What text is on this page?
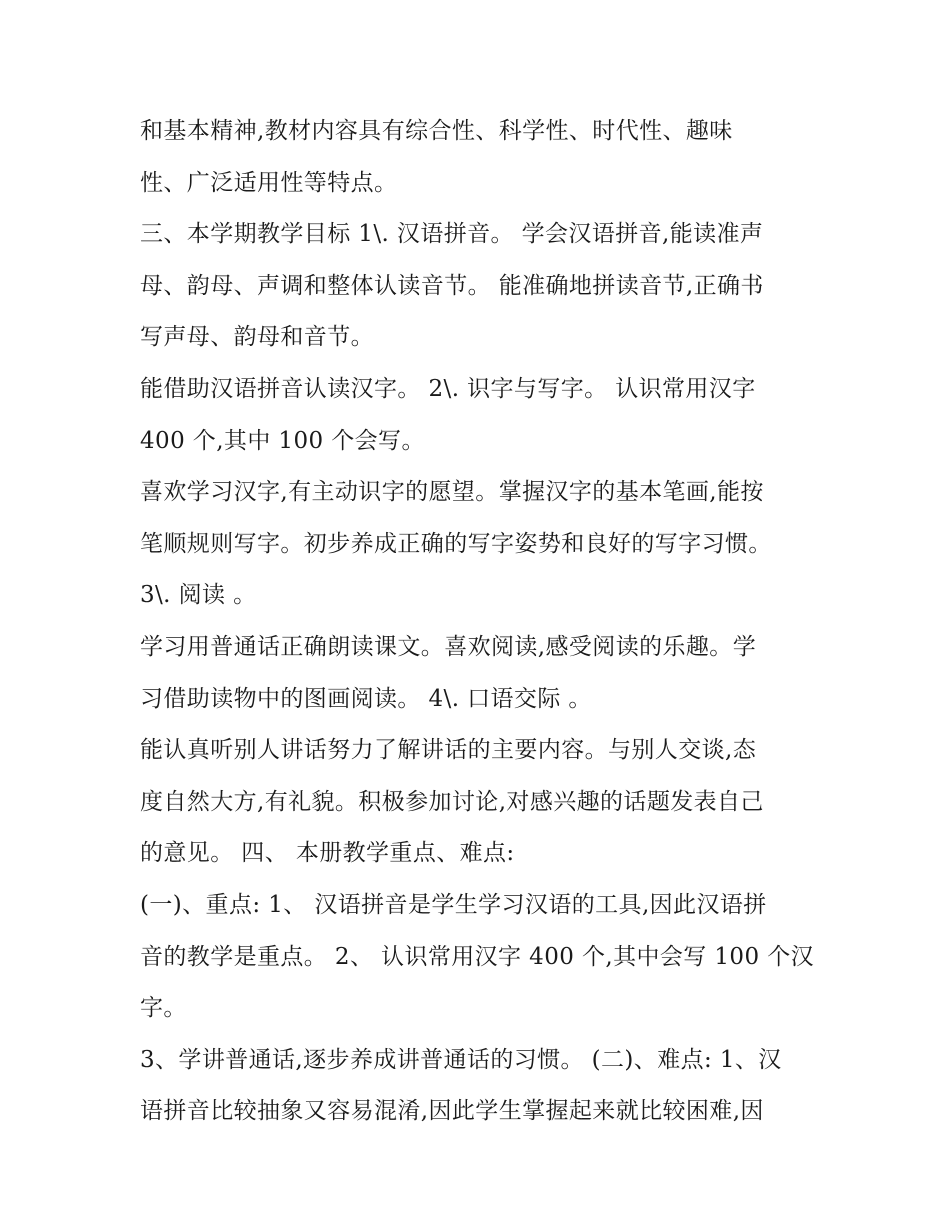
和基本精神,教材内容具有综合性、科学性、时代性、趣味
性、广泛适用性等特点。
三、本学期教学目标 1\. 汉语拼音。 学会汉语拼音,能读准声
母、韵母、声调和整体认读音节。 能准确地拼读音节,正确书
写声母、韵母和音节。
能借助汉语拼音认读汉字。 2\. 识字与写字。 认识常用汉字
400 个,其中 100 个会写。
喜欢学习汉字,有主动识字的愿望。掌握汉字的基本笔画,能按
笔顺规则写字。初步养成正确的写字姿势和良好的写字习惯。
3\. 阅读 。
学习用普通话正确朗读课文。喜欢阅读,感受阅读的乐趣。学
习借助读物中的图画阅读。 4\. 口语交际 。
能认真听别人讲话努力了解讲话的主要内容。与别人交谈,态
度自然大方,有礼貌。积极参加讨论,对感兴趣的话题发表自己
的意见。 四、 本册教学重点、难点:
(一)、重点: 1、 汉语拼音是学生学习汉语的工具,因此汉语拼
音的教学是重点。 2、 认识常用汉字 400 个,其中会写 100 个汉
字。
3、学讲普通话,逐步养成讲普通话的习惯。 (二)、难点: 1、汉
语拼音比较抽象又容易混淆,因此学生掌握起来就比较困难,因
